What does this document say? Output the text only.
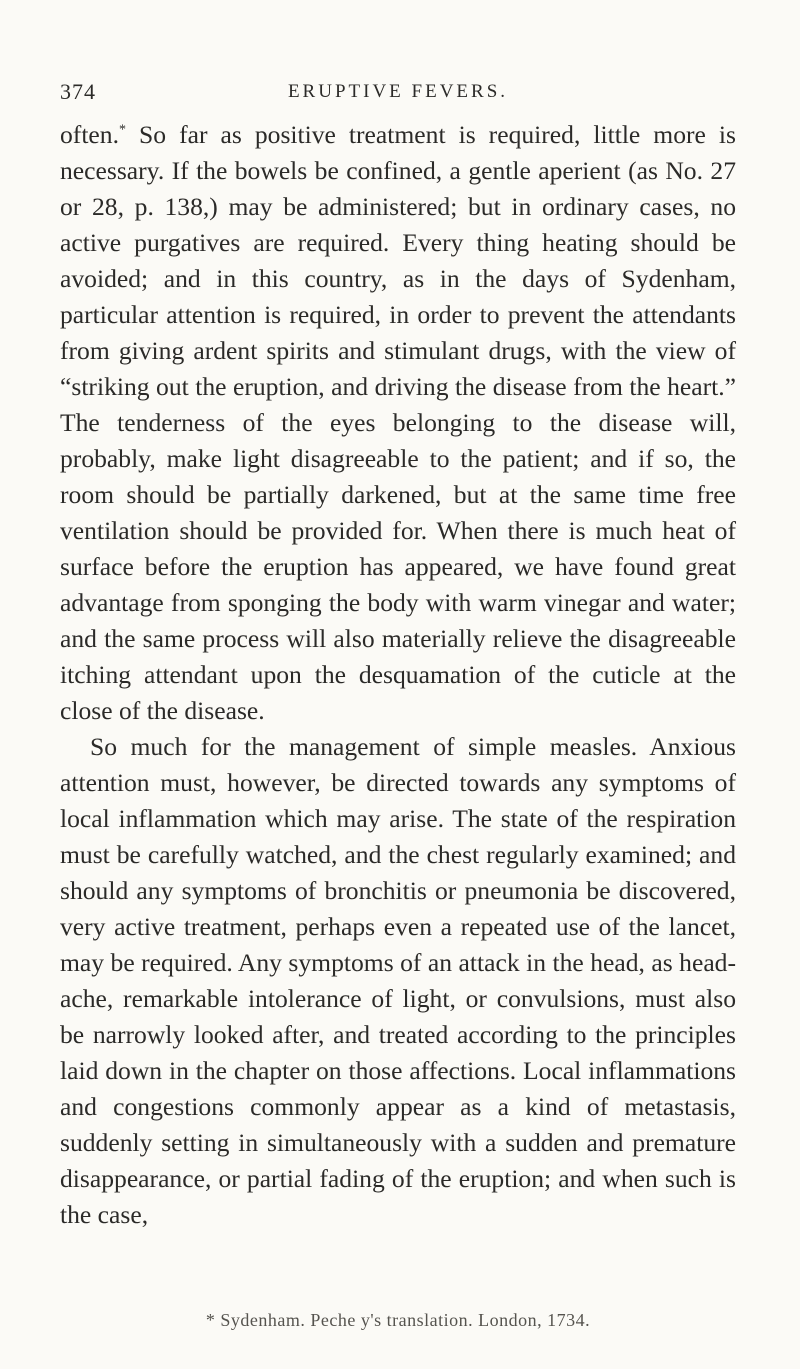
374	ERUPTIVE FEVERS.

often.* So far as positive treatment is required, little more is necessary. If the bowels be confined, a gentle aperient (as No. 27 or 28, p. 138,) may be administered; but in ordinary cases, no active purgatives are required. Every thing heating should be avoided; and in this country, as in the days of Sydenham, particular attention is required, in order to prevent the attendants from giving ardent spirits and stimulant drugs, with the view of “striking out the eruption, and driving the disease from the heart.” The tenderness of the eyes belonging to the disease will, probably, make light disagreeable to the patient; and if so, the room should be partially darkened, but at the same time free ventilation should be provided for. When there is much heat of surface before the eruption has appeared, we have found great advantage from sponging the body with warm vinegar and water; and the same process will also materially relieve the disagreeable itching attendant upon the desquamation of the cuticle at the close of the disease.

So much for the management of simple measles. Anxious attention must, however, be directed towards any symptoms of local inflammation which may arise. The state of the respiration must be carefully watched, and the chest regularly examined; and should any symptoms of bronchitis or pneumonia be discovered, very active treatment, perhaps even a repeated use of the lancet, may be required. Any symptoms of an attack in the head, as head-ache, remarkable intolerance of light, or convulsions, must also be narrowly looked after, and treated according to the principles laid down in the chapter on those affections. Local inflammations and congestions commonly appear as a kind of metastasis, suddenly setting in simultaneously with a sudden and premature disappearance, or partial fading of the eruption; and when such is the case,

* Sydenham. Peche y's translation. London, 1734.
